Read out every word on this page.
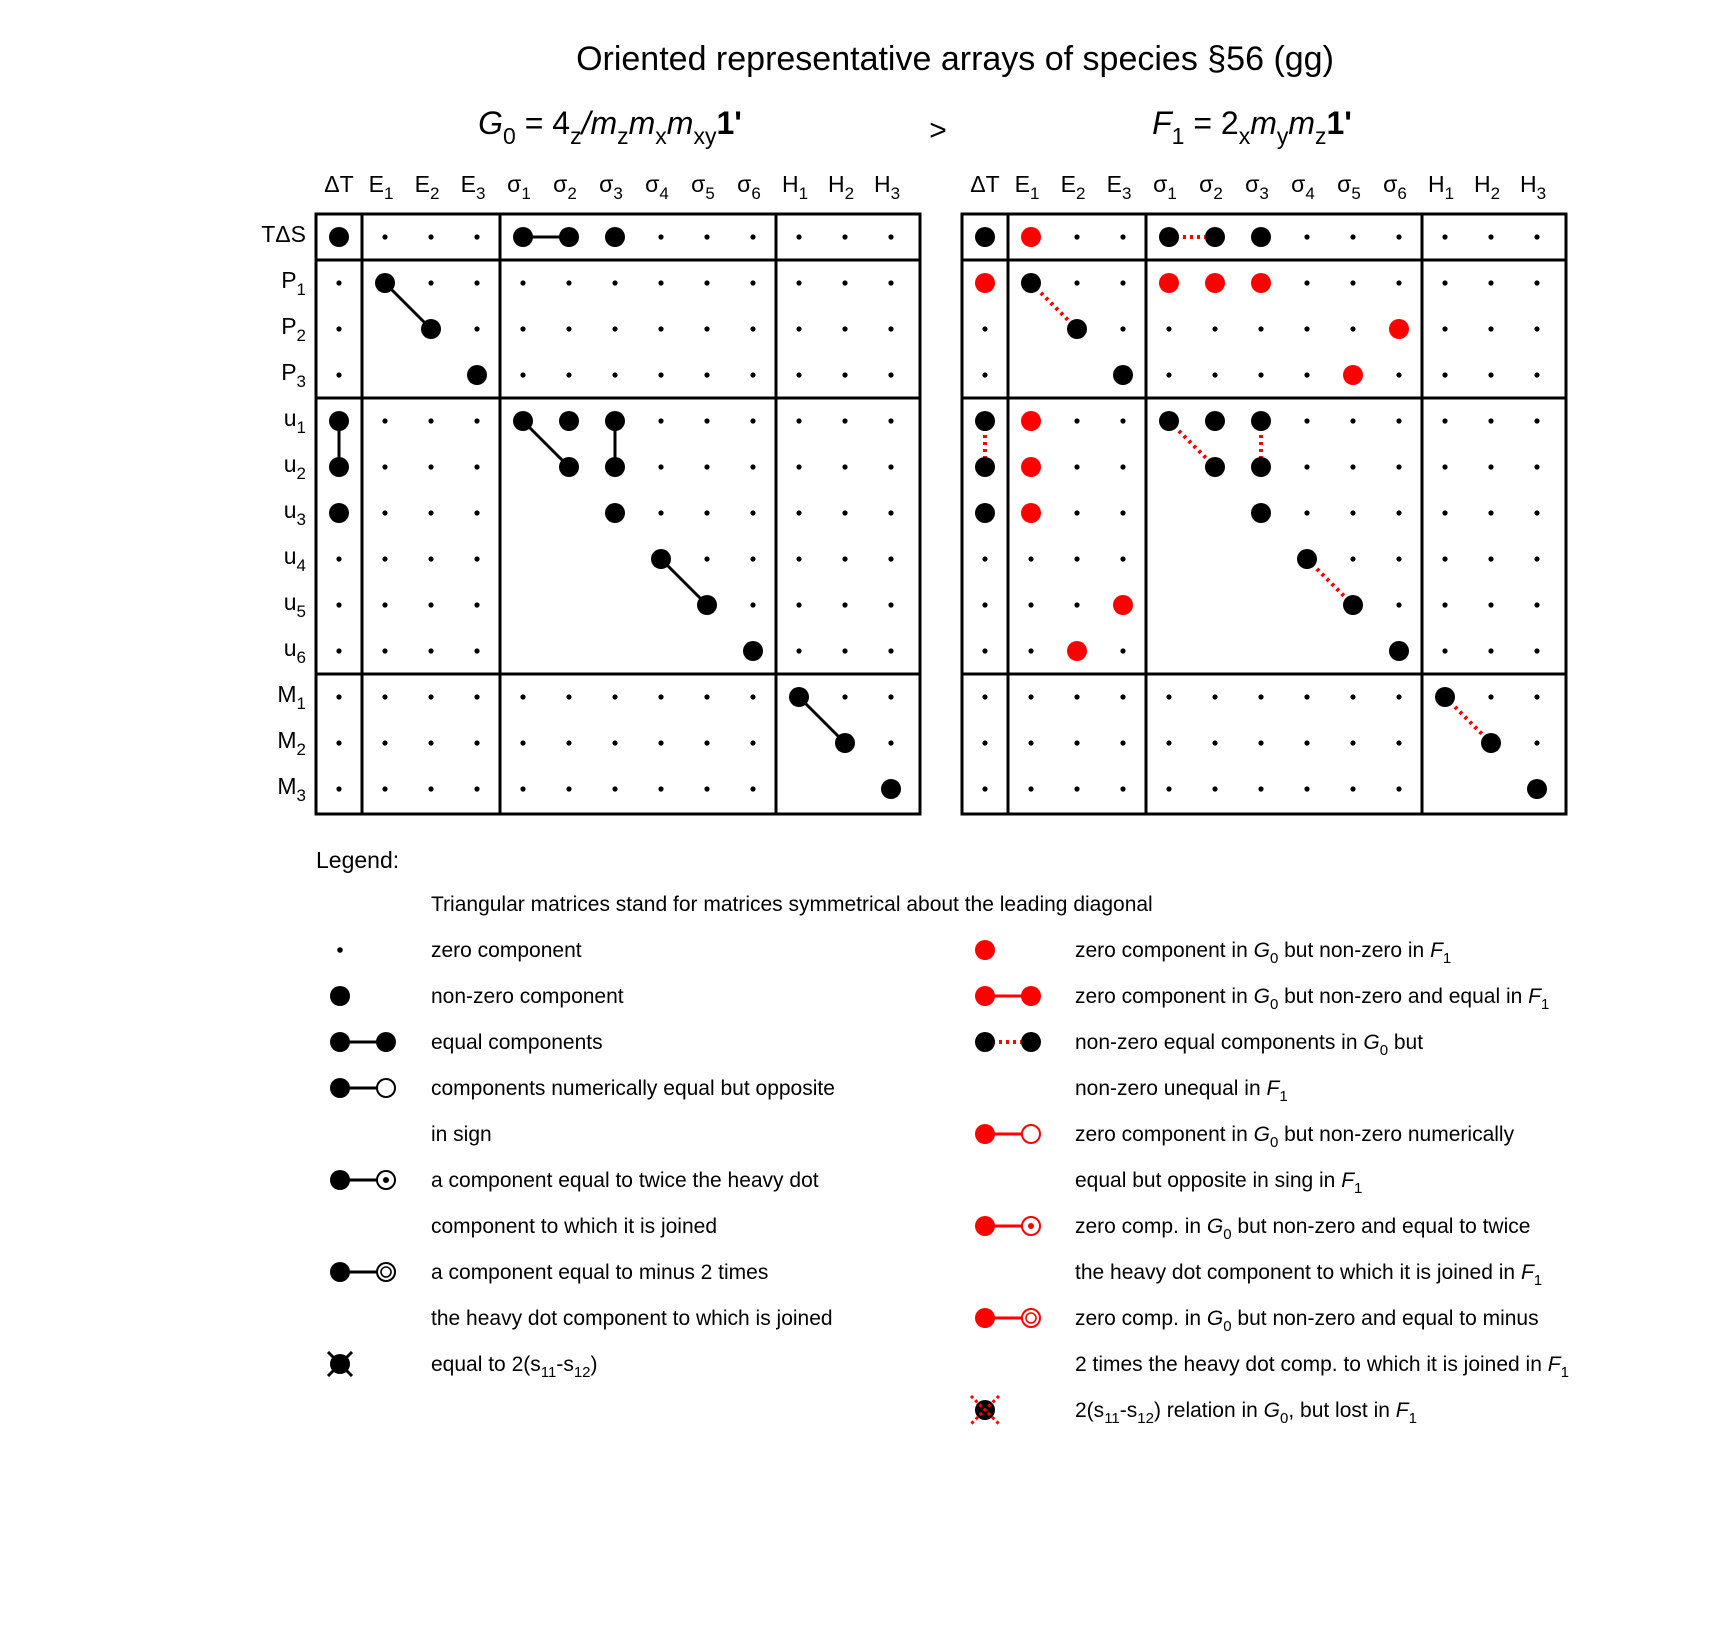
Oriented representative arrays of species §56 (gg)
$G_0 = 4_z/m_zm_xm_{xy}1'$	>	$F_1 = 2_xm_ym_z1'$
ΔT $E_1$ $E_2$ $E_3$ $\sigma_1$ $\sigma_2$ $\sigma_3$ $\sigma_4$ $\sigma_5$ $\sigma_6$ $H_1$ $H_2$ $H_3$
TΔS
$P_1$
$P_2$
$P_3$
$u_1$
$u_2$
$u_3$
$u_4$
$u_5$
$u_6$
$M_1$
$M_2$
$M_3$
ΔT $E_1$ $E_2$ $E_3$ $\sigma_1$ $\sigma_2$ $\sigma_3$ $\sigma_4$ $\sigma_5$ $\sigma_6$ $H_1$ $H_2$ $H_3$
Legend:
Triangular matrices stand for matrices symmetrical about the leading diagonal
zero component
non-zero component
equal components
components numerically equal but opposite
in sign
a component equal to twice the heavy dot
component to which it is joined
a component equal to minus 2 times
the heavy dot component to which is joined
equal to $2(s_{11}-s_{12})$
zero component in $G_0$ but non-zero in $F_1$
zero component in $G_0$ but non-zero and equal in $F_1$
non-zero equal components in $G_0$ but
non-zero unequal in $F_1$
zero component in $G_0$ but non-zero numerically
equal but opposite in sing in $F_1$
zero comp. in $G_0$ but non-zero and equal to twice
the heavy dot component to which it is joined in $F_1$
zero comp. in $G_0$ but non-zero and equal to minus
2 times the heavy dot comp. to which it is joined in $F_1$
$2(s_{11}-s_{12})$ relation in $G_0$, but lost in $F_1$
